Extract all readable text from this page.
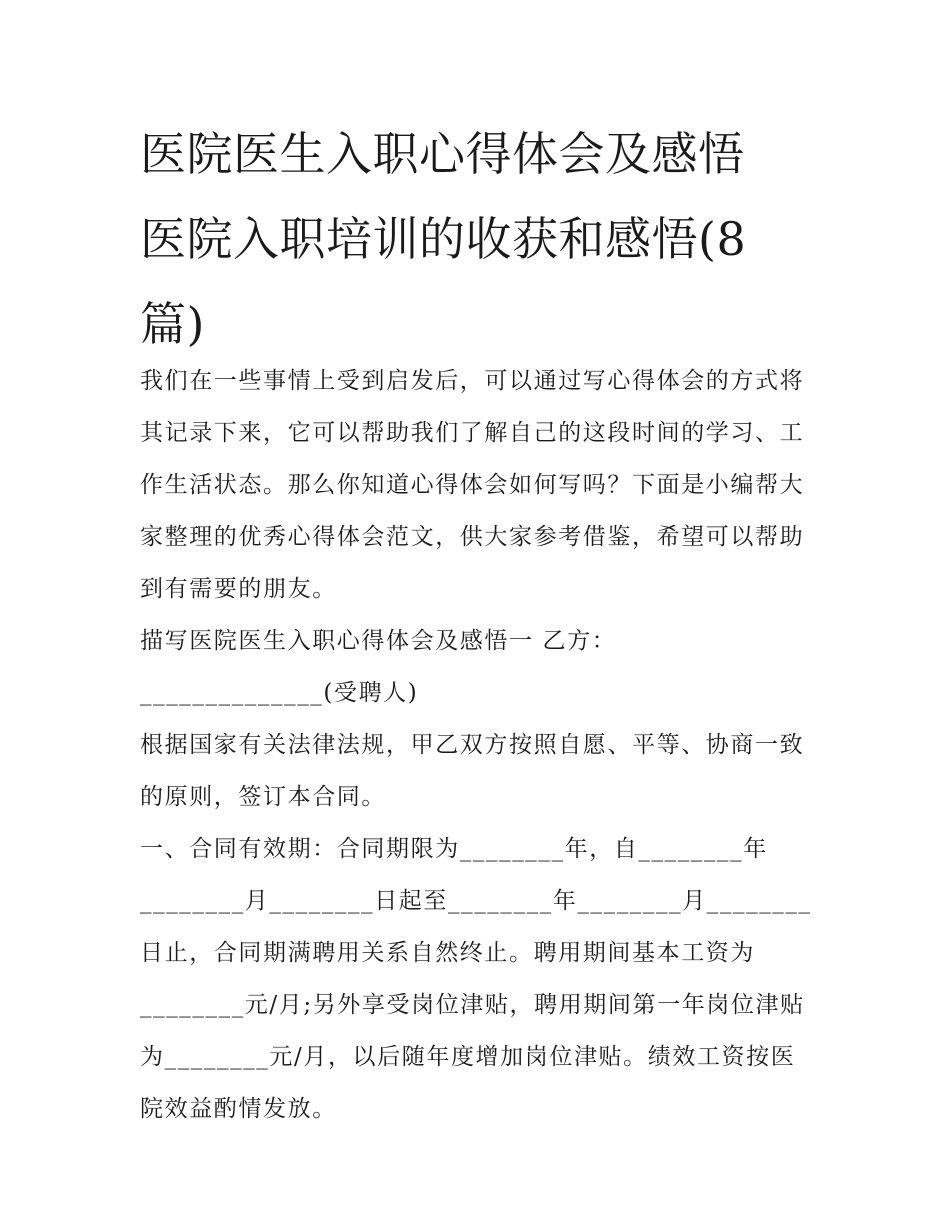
医院医生入职心得体会及感悟
医院入职培训的收获和感悟(8
篇)
我们在一些事情上受到启发后，可以通过写心得体会的方式将
其记录下来，它可以帮助我们了解自己的这段时间的学习、工
作生活状态。那么你知道心得体会如何写吗？下面是小编帮大
家整理的优秀心得体会范文，供大家参考借鉴，希望可以帮助
到有需要的朋友。
描写医院医生入职心得体会及感悟一 乙方：
______________(受聘人)
根据国家有关法律法规，甲乙双方按照自愿、平等、协商一致
的原则，签订本合同。
一、合同有效期：合同期限为________年，自________年
________月________日起至________年________月________
日止，合同期满聘用关系自然终止。聘用期间基本工资为
________元/月;另外享受岗位津贴，聘用期间第一年岗位津贴
为________元/月，以后随年度增加岗位津贴。绩效工资按医
院效益酌情发放。
